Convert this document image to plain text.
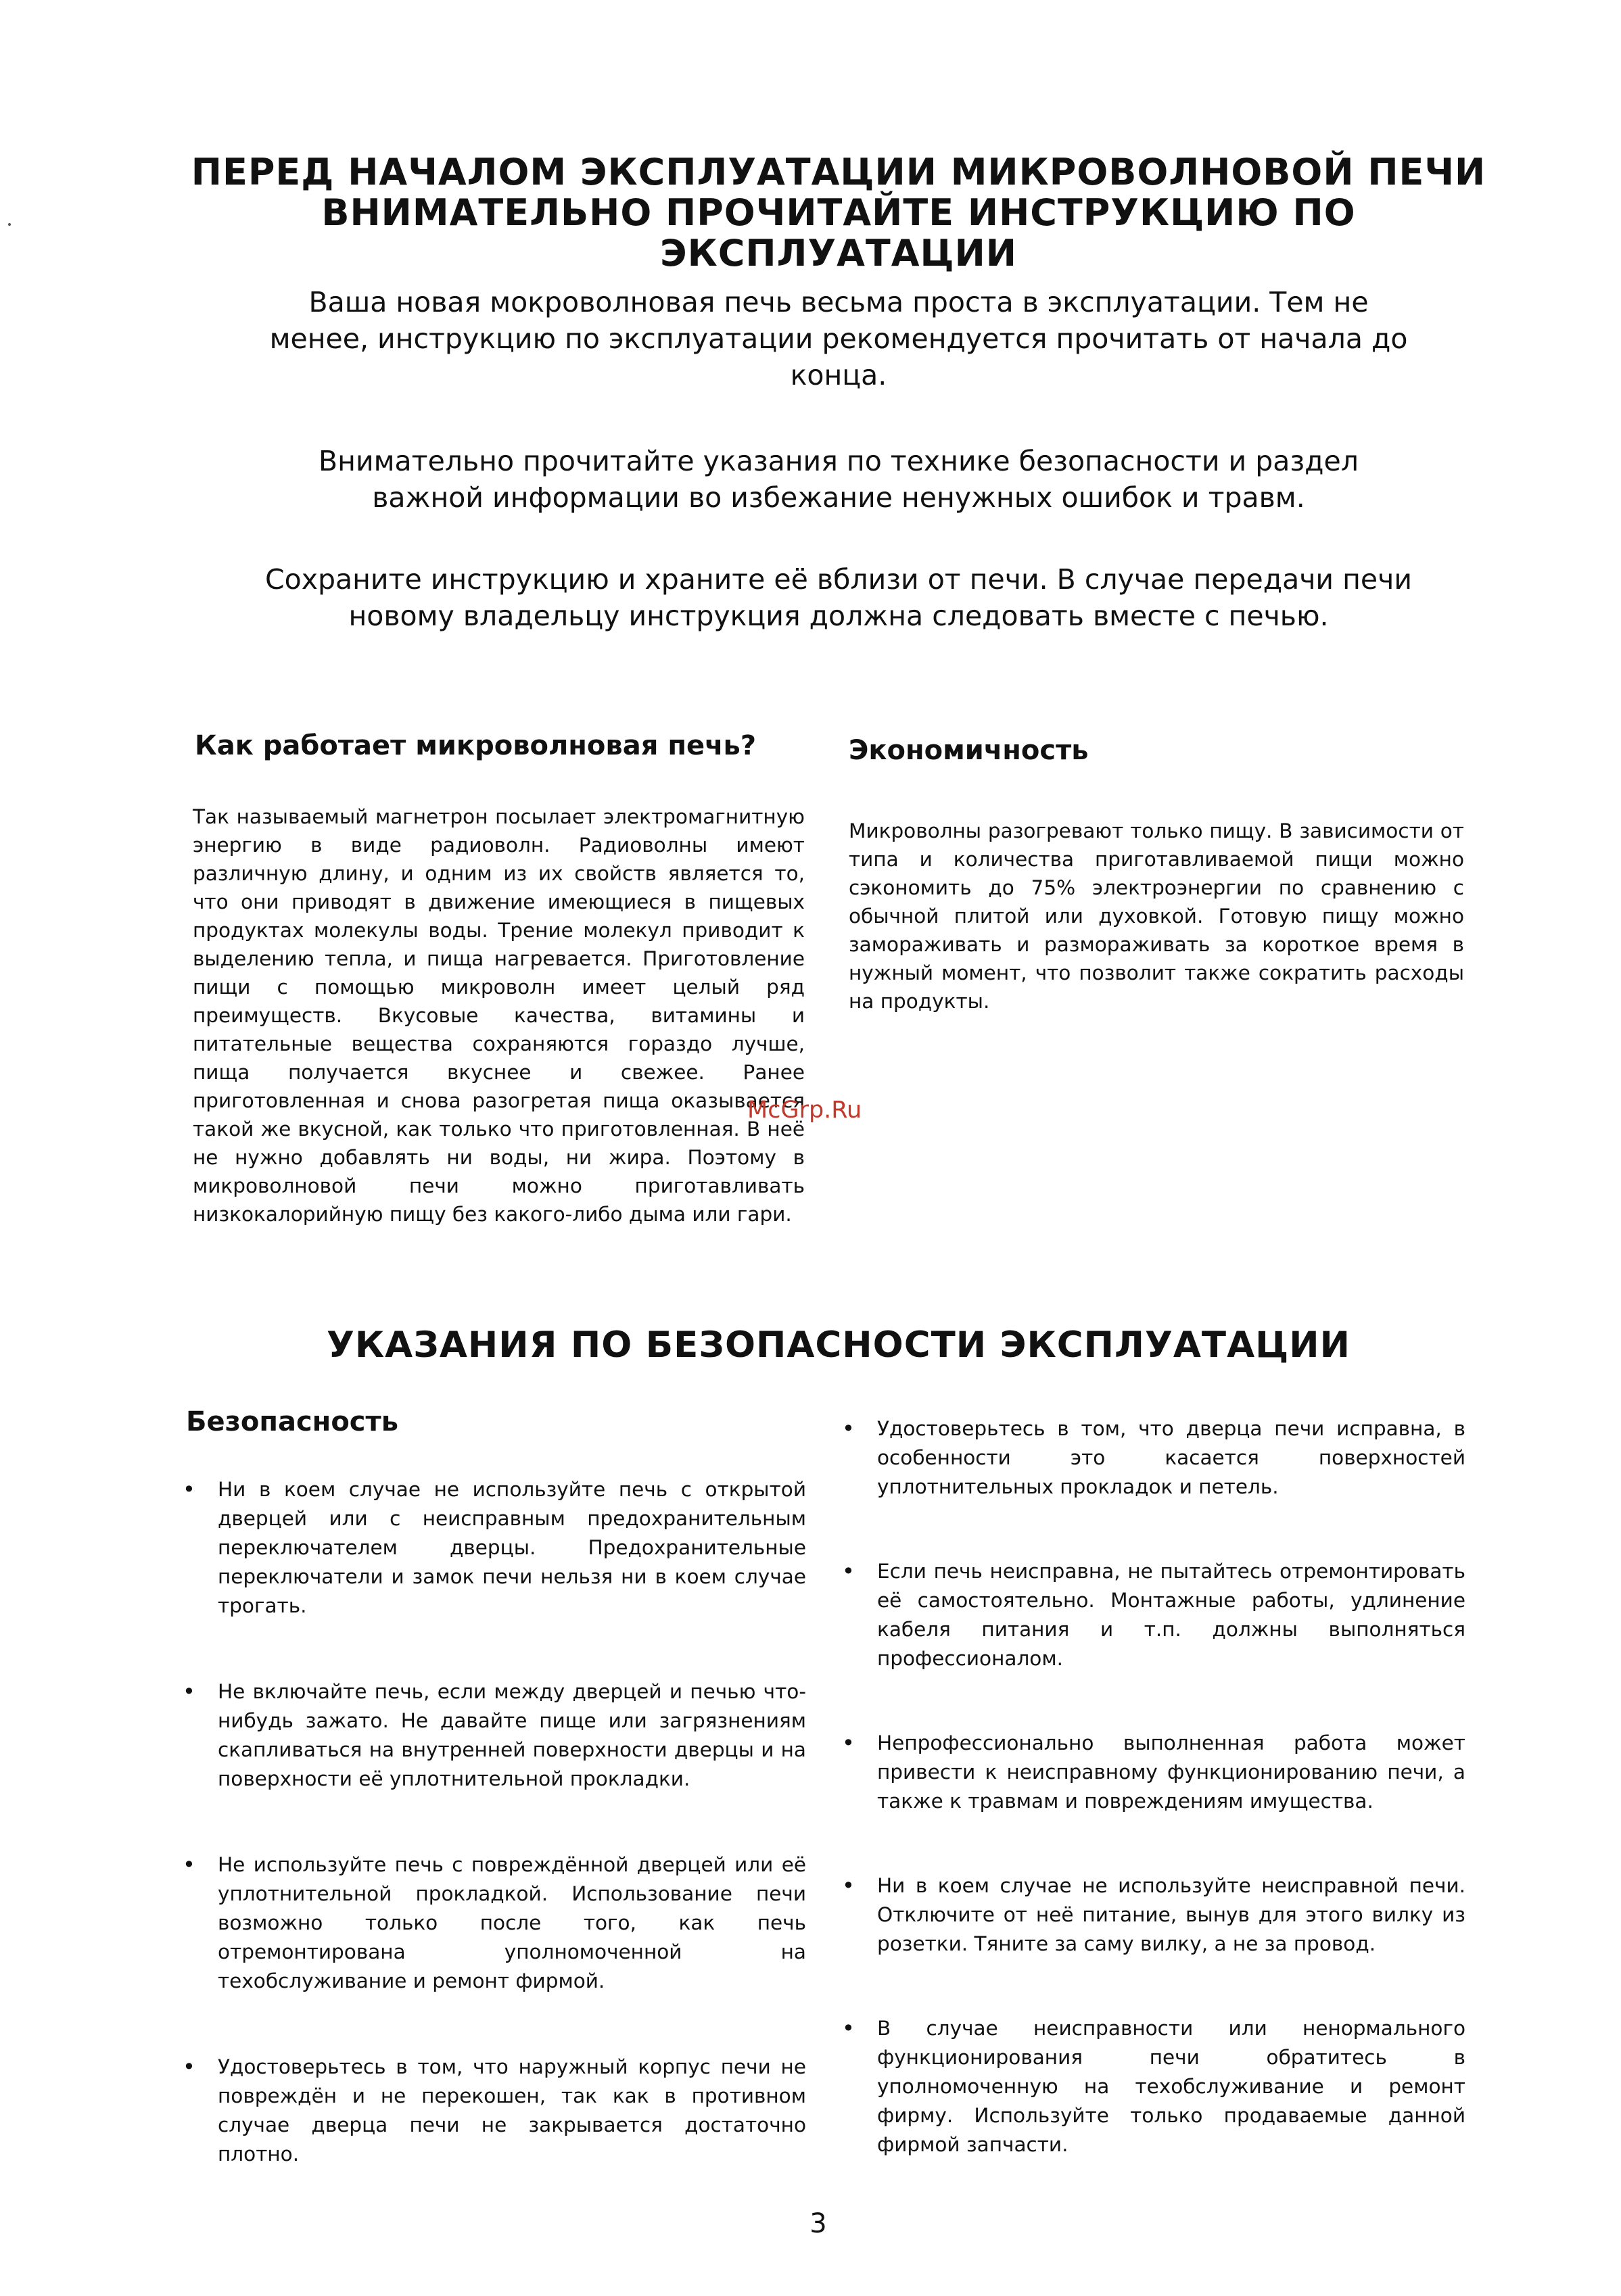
ПЕРЕД НАЧАЛОМ ЭКСПЛУАТАЦИИ МИКРОВОЛНОВОЙ ПЕЧИ
ВНИМАТЕЛЬНО ПРОЧИТАЙТЕ ИНСТРУКЦИЮ ПО
ЭКСПЛУАТАЦИИ

Ваша новая мокроволновая печь весьма проста в эксплуатации. Тем не менее, инструкцию по эксплуатации рекомендуется прочитать от начала до конца.

Внимательно прочитайте указания по технике безопасности и раздел важной информации во избежание ненужных ошибок и травм.

Сохраните инструкцию и храните её вблизи от печи. В случае передачи печи новому владельцу инструкция должна следовать вместе с печью.

Как работает микроволновая печь?

Так называемый магнетрон посылает электромагнитную энергию в виде радиоволн. Радиоволны имеют различную длину, и одним из их свойств является то, что они приводят в движение имеющиеся в пищевых продуктах молекулы воды. Трение молекул приводит к выделению тепла, и пища нагревается. Приготовление пищи с помощью микроволн имеет целый ряд преимуществ. Вкусовые качества, витамины и питательные вещества сохраняются гораздо лучше, пища получается вкуснее и свежее. Ранее приготовленная и снова разогретая пища оказывается такой же вкусной, как только что приготовленная. В неё не нужно добавлять ни воды, ни жира. Поэтому в микроволновой печи можно приготавливать низкокалорийную пищу без какого-либо дыма или гари.

Экономичность

Микроволны разогревают только пищу. В зависимости от типа и количества приготавливаемой пищи можно сэкономить до 75% электроэнергии по сравнению с обычной плитой или духовкой. Готовую пищу можно замораживать и размораживать за короткое время в нужный момент, что позволит также сократить расходы на продукты.

McGrp.Ru
УКАЗАНИЯ ПО БЕЗОПАСНОСТИ ЭКСПЛУАТАЦИИ
Безопасность
• Ни в коем случае не используйте печь с открытой дверцей или с неисправным предохранительным переключателем дверцы. Предохранительные переключатели и замок печи нельзя ни в коем случае трогать.
• Не включайте печь, если между дверцей и печью что-нибудь зажато. Не давайте пище или загрязнениям скапливаться на внутренней поверхности дверцы и на поверхности её уплотнительной прокладки.
• Не используйте печь с повреждённой дверцей или её уплотнительной прокладкой. Использование печи возможно только после того, как печь отремонтирована уполномоченной на техобслуживание и ремонт фирмой.
• Удостоверьтесь в том, что наружный корпус печи не повреждён и не перекошен, так как в противном случае дверца печи не закрывается достаточно плотно.
• Удостоверьтесь в том, что дверца печи исправна, в особенности это касается поверхностей уплотнительных прокладок и петель.
• Если печь неисправна, не пытайтесь отремонтировать её самостоятельно. Монтажные работы, удлинение кабеля питания и т.п. должны выполняться профессионалом.
• Непрофессионально выполненная работа может привести к неисправному функционированию печи, а также к травмам и повреждениям имущества.
• Ни в коем случае не используйте неисправной печи. Отключите от неё питание, вынув для этого вилку из розетки. Тяните за саму вилку, а не за провод.
• В случае неисправности или ненормального функционирования печи обратитесь в уполномоченную на техобслуживание и ремонт фирму. Используйте только продаваемые данной фирмой запчасти.
3
